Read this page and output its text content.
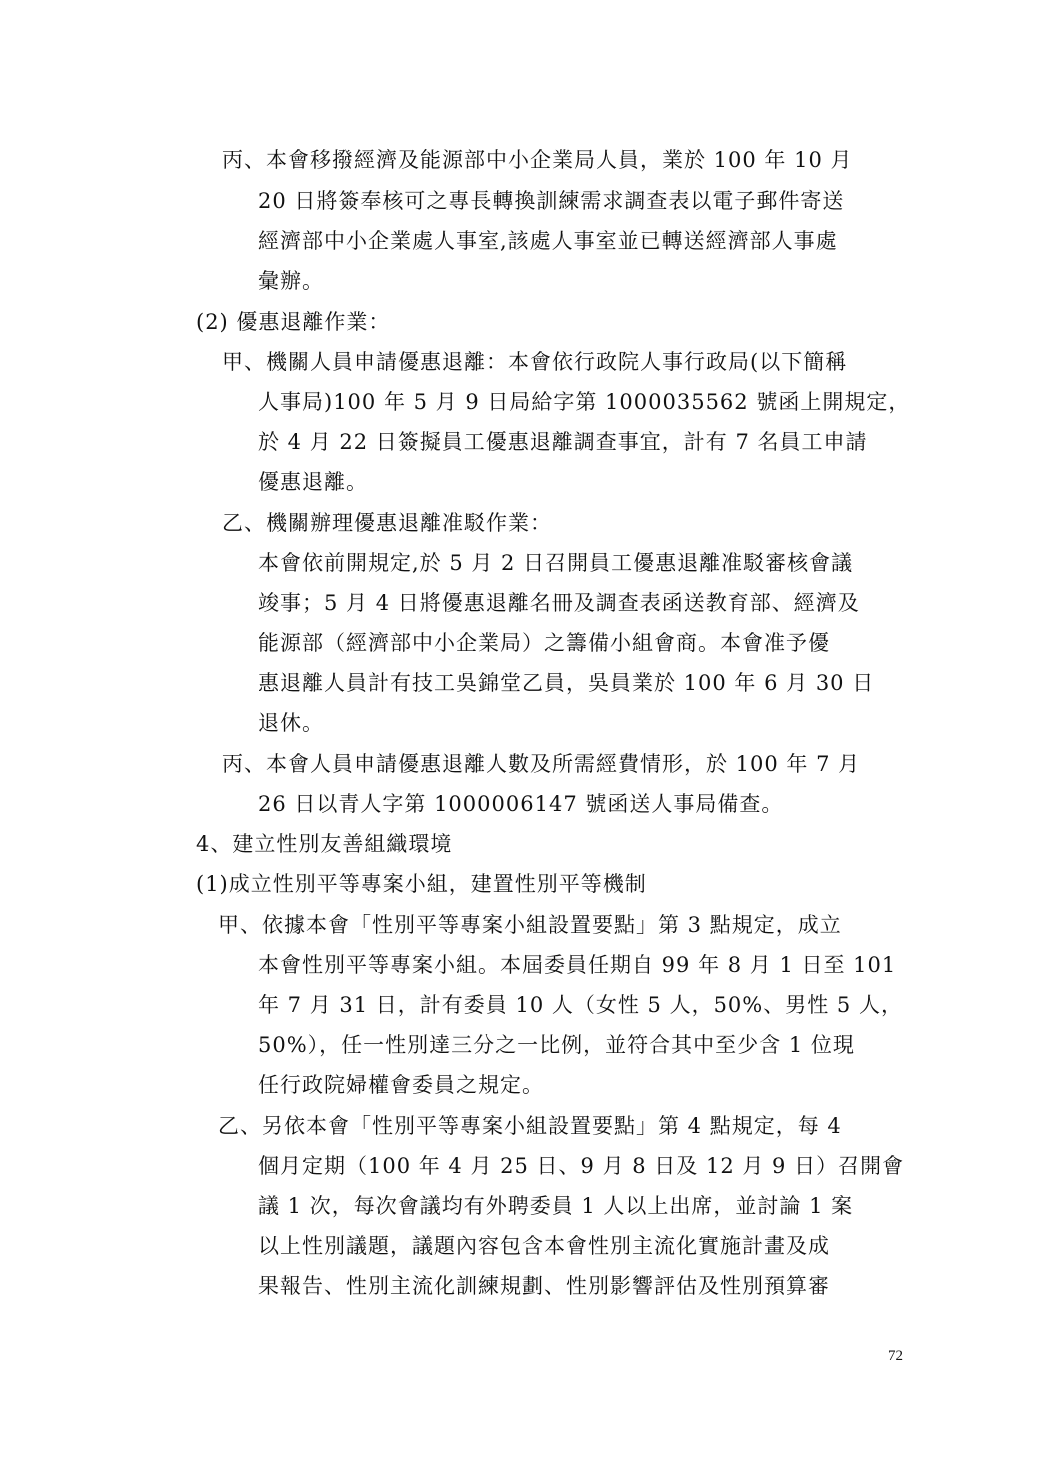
丙、本會移撥經濟及能源部中小企業局人員，業於 100 年 10 月
20 日將簽奉核可之專長轉換訓練需求調查表以電子郵件寄送
經濟部中小企業處人事室,該處人事室並已轉送經濟部人事處
彙辦。
(2) 優惠退離作業：
甲、機關人員申請優惠退離：本會依行政院人事行政局(以下簡稱
人事局)100 年 5 月 9 日局給字第 1000035562 號函上開規定，
於 4 月 22 日簽擬員工優惠退離調查事宜，計有 7 名員工申請
優惠退離。
乙、機關辦理優惠退離准駁作業：
本會依前開規定,於 5 月 2 日召開員工優惠退離准駁審核會議
竣事；5 月 4 日將優惠退離名冊及調查表函送教育部、經濟及
能源部（經濟部中小企業局）之籌備小組會商。本會准予優
惠退離人員計有技工吳錦堂乙員，吳員業於 100 年 6 月 30 日
退休。
丙、本會人員申請優惠退離人數及所需經費情形，於 100 年 7 月
26 日以青人字第 1000006147 號函送人事局備查。
4、建立性別友善組織環境
(1)成立性別平等專案小組，建置性別平等機制
甲、依據本會「性別平等專案小組設置要點」第 3 點規定，成立
本會性別平等專案小組。本屆委員任期自 99 年 8 月 1 日至 101
年 7 月 31 日，計有委員 10 人（女性 5 人，50%、男性 5 人，
50%），任一性別達三分之一比例，並符合其中至少含 1 位現
任行政院婦權會委員之規定。
乙、另依本會「性別平等專案小組設置要點」第 4 點規定，每 4
個月定期（100 年 4 月 25 日、9 月 8 日及 12 月 9 日）召開會
議 1 次，每次會議均有外聘委員 1 人以上出席，並討論 1 案
以上性別議題，議題內容包含本會性別主流化實施計畫及成
果報告、性別主流化訓練規劃、性別影響評估及性別預算審
72
